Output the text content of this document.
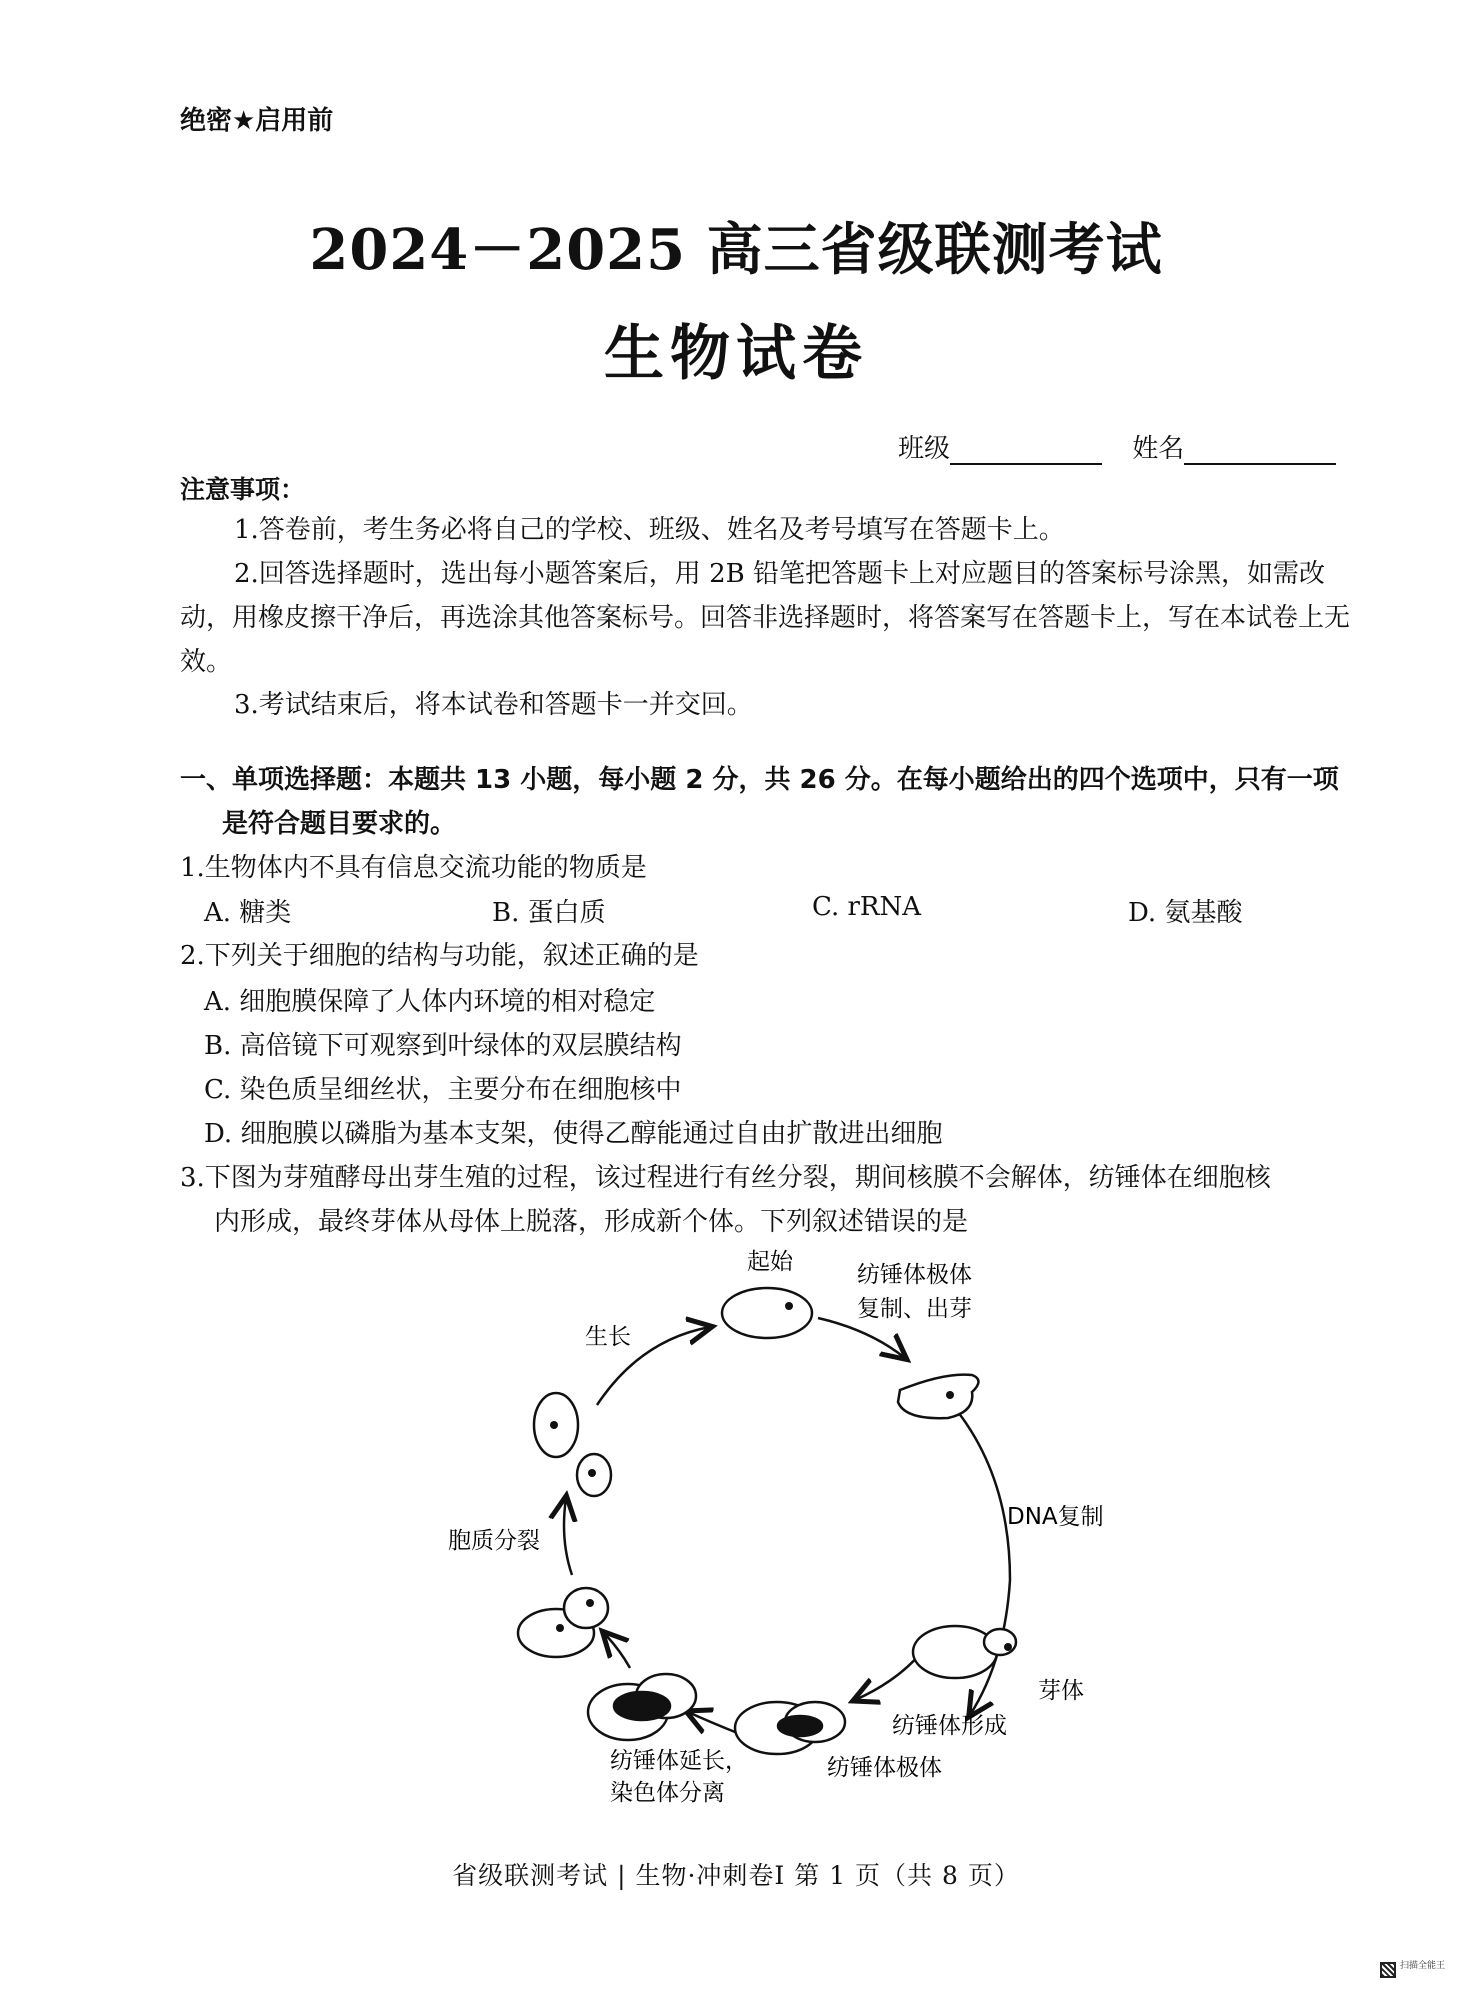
绝密★启用前
2024－2025 高三省级联测考试
生物试卷
班级	姓名
注意事项：
1.答卷前，考生务必将自己的学校、班级、姓名及考号填写在答题卡上。
2.回答选择题时，选出每小题答案后，用 2B 铅笔把答题卡上对应题目的答案标号涂黑，如需改动，用橡皮擦干净后，再选涂其他答案标号。回答非选择题时，将答案写在答题卡上，写在本试卷上无效。
3.考试结束后，将本试卷和答题卡一并交回。
一、单项选择题：本题共 13 小题，每小题 2 分，共 26 分。在每小题给出的四个选项中，只有一项
是符合题目要求的。
1.生物体内不具有信息交流功能的物质是
A. 糖类	B. 蛋白质	C. rRNA	D. 氨基酸
2.下列关于细胞的结构与功能，叙述正确的是
A. 细胞膜保障了人体内环境的相对稳定
B. 高倍镜下可观察到叶绿体的双层膜结构
C. 染色质呈细丝状，主要分布在细胞核中
D. 细胞膜以磷脂为基本支架，使得乙醇能通过自由扩散进出细胞
3.下图为芽殖酵母出芽生殖的过程，该过程进行有丝分裂，期间核膜不会解体，纺锤体在细胞核
内形成，最终芽体从母体上脱落，形成新个体。下列叙述错误的是
起始	纺锤体极体
复制、出芽
DNA复制
芽体
纺锤体形成
纺锤体极体
纺锤体延长，
染色体分离
胞质分裂
生长
省级联测考试 | 生物·冲刺卷Ⅰ 第 1 页（共 8 页）
扫描全能王
